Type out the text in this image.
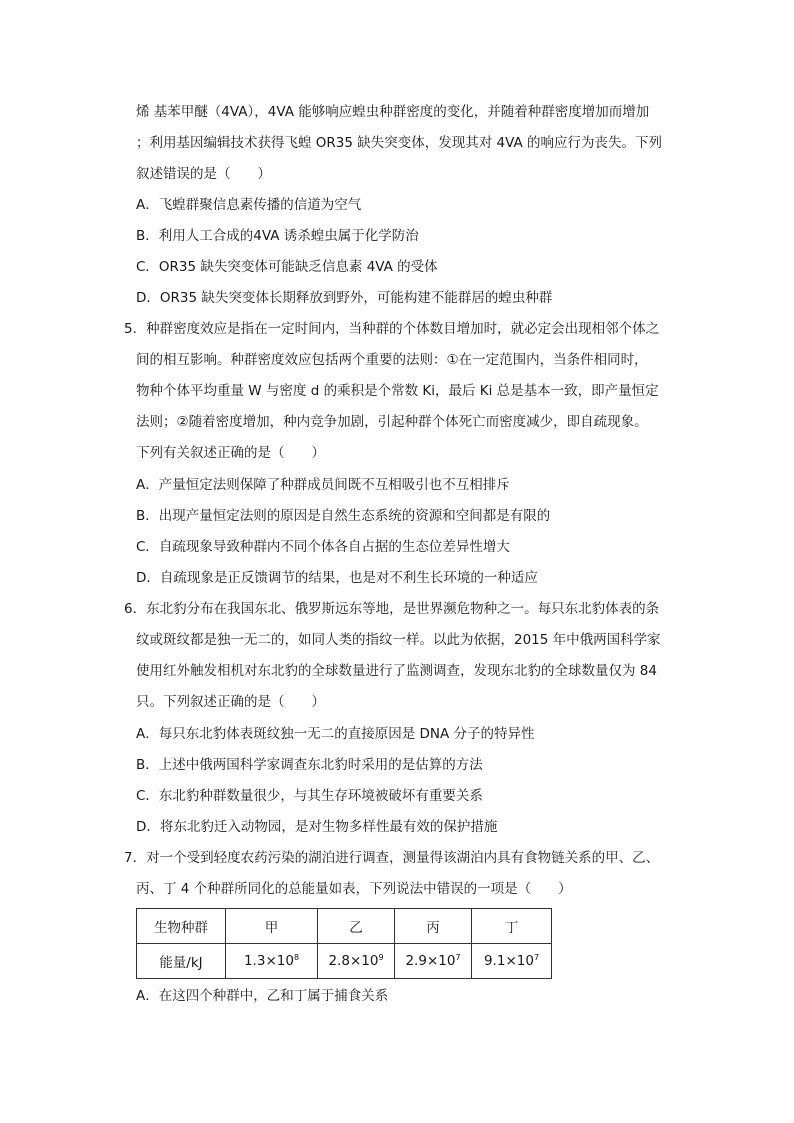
烯 基苯甲醚（4VA），4VA 能够响应蝗虫种群密度的变化，并随着种群密度增加而增加
；利用基因编辑技术获得飞蝗 OR35 缺失突变体，发现其对 4VA 的响应行为丧失。下列
叙述错误的是（　　）
A．飞蝗群聚信息素传播的信道为空气
B．利用人工合成的4VA 诱杀蝗虫属于化学防治
C．OR35 缺失突变体可能缺乏信息素 4VA 的受体
D．OR35 缺失突变体长期释放到野外，可能构建不能群居的蝗虫种群
5．种群密度效应是指在一定时间内，当种群的个体数目增加时，就必定会出现相邻个体之
间的相互影响。种群密度效应包括两个重要的法则：①在一定范围内，当条件相同时，
物种个体平均重量 W 与密度 d 的乘积是个常数 Ki，最后 Ki 总是基本一致，即产量恒定
法则；②随着密度增加，种内竞争加剧，引起种群个体死亡而密度减少，即自疏现象。
下列有关叙述正确的是（　　）
A．产量恒定法则保障了种群成员间既不互相吸引也不互相排斥
B．出现产量恒定法则的原因是自然生态系统的资源和空间都是有限的
C．自疏现象导致种群内不同个体各自占据的生态位差异性增大
D．自疏现象是正反馈调节的结果，也是对不利生长环境的一种适应
6．东北豹分布在我国东北、俄罗斯远东等地，是世界濒危物种之一。每只东北豹体表的条
纹或斑纹都是独一无二的，如同人类的指纹一样。以此为依据，2015 年中俄两国科学家
使用红外触发相机对东北豹的全球数量进行了监测调查，发现东北豹的全球数量仅为 84
只。下列叙述正确的是（　　）
A．每只东北豹体表斑纹独一无二的直接原因是 DNA 分子的特异性
B．上述中俄两国科学家调查东北豹时采用的是估算的方法
C．东北豹种群数量很少，与其生存环境被破坏有重要关系
D．将东北豹迁入动物园，是对生物多样性最有效的保护措施
7．对一个受到轻度农药污染的湖泊进行调查，测量得该湖泊内具有食物链关系的甲、乙、
丙、丁 4 个种群所同化的总能量如表，下列说法中错误的一项是（　　）
生物种群	甲	乙	丙	丁
能量/kJ	$1.3\times 10^8$	$2.8\times 10^9$	$2.9\times 10^7$	$9.1\times 10^7$
A．在这四个种群中，乙和丁属于捕食关系
